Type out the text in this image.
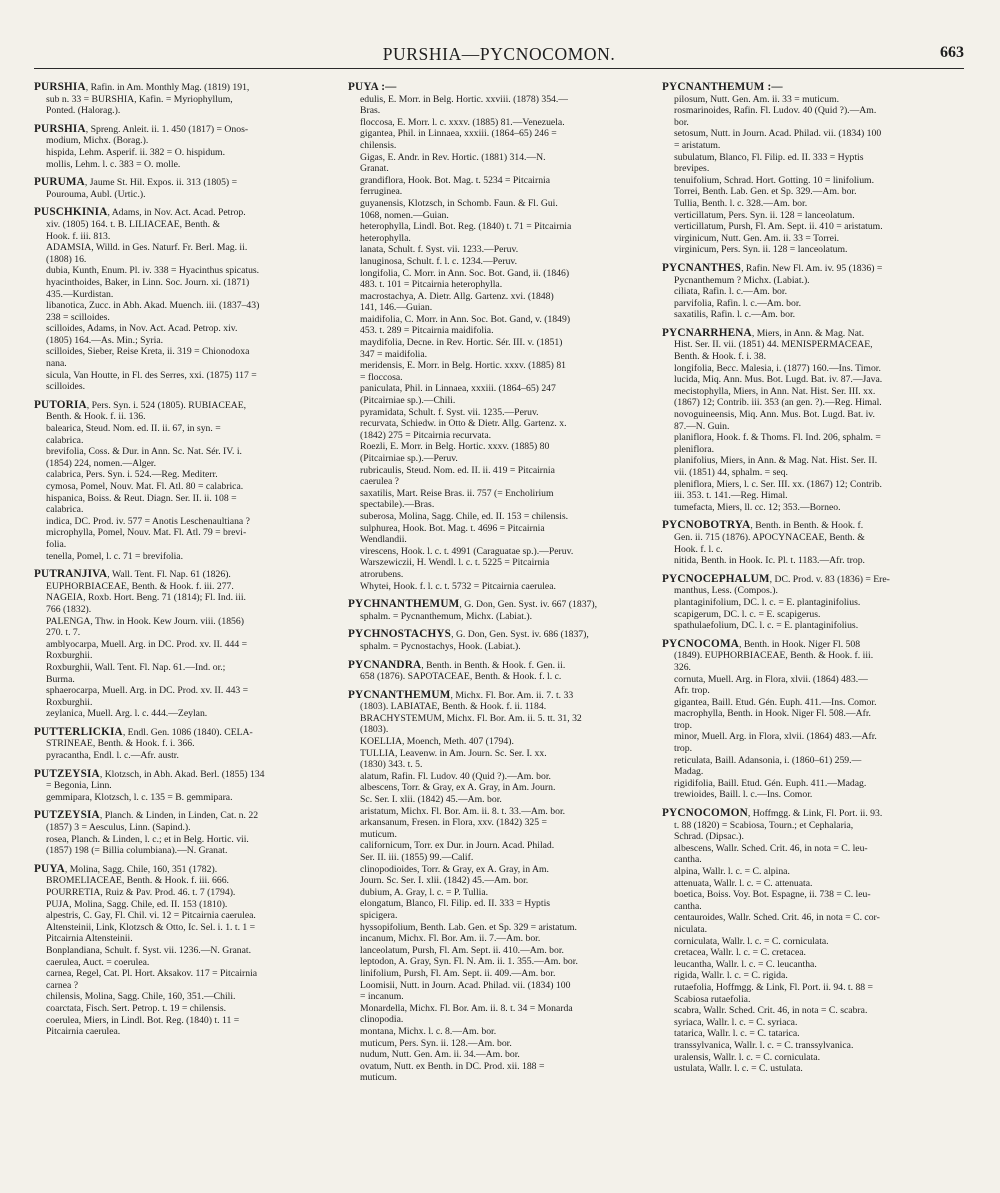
PURSHIA—PYCNOCOMON.	663
PURSHIA, Rafin. in Am. Monthly Mag. (1819) 191,
sub n. 33 = BURSHIA, Kafin. = Myriophyllum,
Ponted. (Halorag.).
PURSHIA, Spreng. Anleit. ii. 1. 450 (1817) = Onos-
modium, Michx. (Borag.).
hispida, Lehm. Asperif. ii. 382 = O. hispidum.
mollis, Lehm. l. c. 383 = O. molle.
PURUMA, Jaume St. Hil. Expos. ii. 313 (1805) =
Pourouma, Aubl. (Urtic.).
PUSCHKINIA, Adams, in Nov. Act. Acad. Petrop.
xiv. (1805) 164. t. B. LILIACEAE, Benth. &
Hook. f. iii. 813.
ADAMSIA, Willd. in Ges. Naturf. Fr. Berl. Mag. ii.
(1808) 16.
dubia, Kunth, Enum. Pl. iv. 338 = Hyacinthus spicatus.
hyacinthoides, Baker, in Linn. Soc. Journ. xi. (1871)
435.—Kurdistan.
libanotica, Zucc. in Abh. Akad. Muench. iii. (1837–43)
238 = scilloides.
scilloides, Adams, in Nov. Act. Acad. Petrop. xiv.
(1805) 164.—As. Min.; Syria.
scilloides, Sieber, Reise Kreta, ii. 319 = Chionodoxa
nana.
sicula, Van Houtte, in Fl. des Serres, xxi. (1875) 117 =
scilloides.
PUTORIA, Pers. Syn. i. 524 (1805). RUBIACEAE,
Benth. & Hook. f. ii. 136.
balearica, Steud. Nom. ed. II. ii. 67, in syn. =
calabrica.
brevifolia, Coss. & Dur. in Ann. Sc. Nat. Sér. IV. i.
(1854) 224, nomen.—Alger.
calabrica, Pers. Syn. i. 524.—Reg. Mediterr.
cymosa, Pomel, Nouv. Mat. Fl. Atl. 80 = calabrica.
hispanica, Boiss. & Reut. Diagn. Ser. II. ii. 108 =
calabrica.
indica, DC. Prod. iv. 577 = Anotis Leschenaultiana ?
microphylla, Pomel, Nouv. Mat. Fl. Atl. 79 = brevi-
folia.
tenella, Pomel, l. c. 71 = brevifolia.
PUTRANJIVA, Wall. Tent. Fl. Nap. 61 (1826).
EUPHORBIACEAE, Benth. & Hook. f. iii. 277.
NAGEIA, Roxb. Hort. Beng. 71 (1814); Fl. Ind. iii.
766 (1832).
PALENGA, Thw. in Hook. Kew Journ. viii. (1856)
270. t. 7.
amblyocarpa, Muell. Arg. in DC. Prod. xv. II. 444 =
Roxburghii.
Roxburghii, Wall. Tent. Fl. Nap. 61.—Ind. or.;
Burma.
sphaerocarpa, Muell. Arg. in DC. Prod. xv. II. 443 =
Roxburghii.
zeylanica, Muell. Arg. l. c. 444.—Zeylan.
PUTTERLICKIA, Endl. Gen. 1086 (1840). CELA-
STRINEAE, Benth. & Hook. f. i. 366.
pyracantha, Endl. l. c.—Afr. austr.
PUTZEYSIA, Klotzsch, in Abh. Akad. Berl. (1855) 134
= Begonia, Linn.
gemmipara, Klotzsch, l. c. 135 = B. gemmipara.
PUTZEYSIA, Planch. & Linden, in Linden, Cat. n. 22
(1857) 3 = Aesculus, Linn. (Sapind.).
rosea, Planch. & Linden, l. c.; et in Belg. Hortic. vii.
(1857) 198 (= Billia columbiana).—N. Granat.
PUYA, Molina, Sagg. Chile, 160, 351 (1782).
BROMELIACEAE, Benth. & Hook. f. iii. 666.
POURRETIA, Ruiz & Pav. Prod. 46. t. 7 (1794).
PUJA, Molina, Sagg. Chile, ed. II. 153 (1810).
alpestris, C. Gay, Fl. Chil. vi. 12 = Pitcairnia caerulea.
Altensteinii, Link, Klotzsch & Otto, Ic. Sel. i. 1. t. 1 =
Pitcairnia Altensteinii.
Bonplandiana, Schult. f. Syst. vii. 1236.—N. Granat.
caerulea, Auct. = coerulea.
carnea, Regel, Cat. Pl. Hort. Aksakov. 117 = Pitcairnia
carnea ?
chilensis, Molina, Sagg. Chile, 160, 351.—Chili.
coarctata, Fisch. Sert. Petrop. t. 19 = chilensis.
coerulea, Miers, in Lindl. Bot. Reg. (1840) t. 11 =
Pitcairnia caerulea.
PUYA :—
edulis, E. Morr. in Belg. Hortic. xxviii. (1878) 354.—
Bras.
floccosa, E. Morr. l. c. xxxv. (1885) 81.—Venezuela.
gigantea, Phil. in Linnaea, xxxiii. (1864–65) 246 =
chilensis.
Gigas, E. Andr. in Rev. Hortic. (1881) 314.—N.
Granat.
grandiflora, Hook. Bot. Mag. t. 5234 = Pitcairnia
ferruginea.
guyanensis, Klotzsch, in Schomb. Faun. & Fl. Gui.
1068, nomen.—Guian.
heterophylla, Lindl. Bot. Reg. (1840) t. 71 = Pitcairnia
heterophylla.
lanata, Schult. f. Syst. vii. 1233.—Peruv.
lanuginosa, Schult. f. l. c. 1234.—Peruv.
longifolia, C. Morr. in Ann. Soc. Bot. Gand, ii. (1846)
483. t. 101 = Pitcairnia heterophylla.
macrostachya, A. Dietr. Allg. Gartenz. xvi. (1848)
141, 146.—Guian.
maidifolia, C. Morr. in Ann. Soc. Bot. Gand, v. (1849)
453. t. 289 = Pitcairnia maidifolia.
maydifolia, Decne. in Rev. Hortic. Sér. III. v. (1851)
347 = maidifolia.
meridensis, E. Morr. in Belg. Hortic. xxxv. (1885) 81
= floccosa.
paniculata, Phil. in Linnaea, xxxiii. (1864–65) 247
(Pitcairniae sp.).—Chili.
pyramidata, Schult. f. Syst. vii. 1235.—Peruv.
recurvata, Schiedw. in Otto & Dietr. Allg. Gartenz. x.
(1842) 275 = Pitcairnia recurvata.
Roezli, E. Morr. in Belg. Hortic. xxxv. (1885) 80
(Pitcairniae sp.).—Peruv.
rubricaulis, Steud. Nom. ed. II. ii. 419 = Pitcairnia
caerulea ?
saxatilis, Mart. Reise Bras. ii. 757 (= Encholirium
spectabile).—Bras.
suberosa, Molina, Sagg. Chile, ed. II. 153 = chilensis.
sulphurea, Hook. Bot. Mag. t. 4696 = Pitcairnia
Wendlandii.
virescens, Hook. l. c. t. 4991 (Caraguatae sp.).—Peruv.
Warszewiczii, H. Wendl. l. c. t. 5225 = Pitcairnia
atrorubens.
Whytei, Hook. f. l. c. t. 5732 = Pitcairnia caerulea.
PYCHNANTHEMUM, G. Don, Gen. Syst. iv. 667 (1837),
sphalm. = Pycnanthemum, Michx. (Labiat.).
PYCHNOSTACHYS, G. Don, Gen. Syst. iv. 686 (1837),
sphalm. = Pycnostachys, Hook. (Labiat.).
PYCNANDRA, Benth. in Benth. & Hook. f. Gen. ii.
658 (1876). SAPOTACEAE, Benth. & Hook. f. l. c.
PYCNANTHEMUM, Michx. Fl. Bor. Am. ii. 7. t. 33
(1803). LABIATAE, Benth. & Hook. f. ii. 1184.
BRACHYSTEMUM, Michx. Fl. Bor. Am. ii. 5. tt. 31, 32
(1803).
KOELLIA, Moench, Meth. 407 (1794).
TULLIA, Leavenw. in Am. Journ. Sc. Ser. I. xx.
(1830) 343. t. 5.
alatum, Rafin. Fl. Ludov. 40 (Quid ?).—Am. bor.
albescens, Torr. & Gray, ex A. Gray, in Am. Journ.
Sc. Ser. I. xlii. (1842) 45.—Am. bor.
aristatum, Michx. Fl. Bor. Am. ii. 8. t. 33.—Am. bor.
arkansanum, Fresen. in Flora, xxv. (1842) 325 =
muticum.
californicum, Torr. ex Dur. in Journ. Acad. Philad.
Ser. II. iii. (1855) 99.—Calif.
clinopodioides, Torr. & Gray, ex A. Gray, in Am.
Journ. Sc. Ser. I. xlii. (1842) 45.—Am. bor.
dubium, A. Gray, l. c. = P. Tullia.
elongatum, Blanco, Fl. Filip. ed. II. 333 = Hyptis
spicigera.
hyssopifolium, Benth. Lab. Gen. et Sp. 329 = aristatum.
incanum, Michx. Fl. Bor. Am. ii. 7.—Am. bor.
lanceolatum, Pursh, Fl. Am. Sept. ii. 410.—Am. bor.
leptodon, A. Gray, Syn. Fl. N. Am. ii. 1. 355.—Am. bor.
linifolium, Pursh, Fl. Am. Sept. ii. 409.—Am. bor.
Loomisii, Nutt. in Journ. Acad. Philad. vii. (1834) 100
= incanum.
Monardella, Michx. Fl. Bor. Am. ii. 8. t. 34 = Monarda
clinopodia.
montana, Michx. l. c. 8.—Am. bor.
muticum, Pers. Syn. ii. 128.—Am. bor.
nudum, Nutt. Gen. Am. ii. 34.—Am. bor.
ovatum, Nutt. ex Benth. in DC. Prod. xii. 188 =
muticum.
PYCNANTHEMUM :—
pilosum, Nutt. Gen. Am. ii. 33 = muticum.
rosmarinoides, Rafin. Fl. Ludov. 40 (Quid ?).—Am.
bor.
setosum, Nutt. in Journ. Acad. Philad. vii. (1834) 100
= aristatum.
subulatum, Blanco, Fl. Filip. ed. II. 333 = Hyptis
brevipes.
tenuifolium, Schrad. Hort. Gotting. 10 = linifolium.
Torrei, Benth. Lab. Gen. et Sp. 329.—Am. bor.
Tullia, Benth. l. c. 328.—Am. bor.
verticillatum, Pers. Syn. ii. 128 = lanceolatum.
verticillatum, Pursh, Fl. Am. Sept. ii. 410 = aristatum.
virginicum, Nutt. Gen. Am. ii. 33 = Torrei.
virginicum, Pers. Syn. ii. 128 = lanceolatum.
PYCNANTHES, Rafin. New Fl. Am. iv. 95 (1836) =
Pycnanthemum ? Michx. (Labiat.).
ciliata, Rafin. l. c.—Am. bor.
parvifolia, Rafin. l. c.—Am. bor.
saxatilis, Rafin. l. c.—Am. bor.
PYCNARRHENA, Miers, in Ann. & Mag. Nat.
Hist. Ser. II. vii. (1851) 44. MENISPERMACEAE,
Benth. & Hook. f. i. 38.
longifolia, Becc. Malesia, i. (1877) 160.—Ins. Timor.
lucida, Miq. Ann. Mus. Bot. Lugd. Bat. iv. 87.—Java.
mecistophylla, Miers, in Ann. Nat. Hist. Ser. III. xx.
(1867) 12; Contrib. iii. 353 (an gen. ?).—Reg. Himal.
novoguineensis, Miq. Ann. Mus. Bot. Lugd. Bat. iv.
87.—N. Guin.
planiflora, Hook. f. & Thoms. Fl. Ind. 206, sphalm. =
pleniflora.
planifolius, Miers, in Ann. & Mag. Nat. Hist. Ser. II.
vii. (1851) 44, sphalm. = seq.
pleniflora, Miers, l. c. Ser. III. xx. (1867) 12; Contrib.
iii. 353. t. 141.—Reg. Himal.
tumefacta, Miers, ll. cc. 12; 353.—Borneo.
PYCNOBOTRYA, Benth. in Benth. & Hook. f.
Gen. ii. 715 (1876). APOCYNACEAE, Benth. &
Hook. f. l. c.
nitida, Benth. in Hook. Ic. Pl. t. 1183.—Afr. trop.
PYCNOCEPHALUM, DC. Prod. v. 83 (1836) = Ere-
manthus, Less. (Compos.).
plantaginifolium, DC. l. c. = E. plantaginifolius.
scapigerum, DC. l. c. = E. scapigerus.
spathulaefolium, DC. l. c. = E. plantaginifolius.
PYCNOCOMA, Benth. in Hook. Niger Fl. 508
(1849). EUPHORBIACEAE, Benth. & Hook. f. iii.
326.
cornuta, Muell. Arg. in Flora, xlvii. (1864) 483.—
Afr. trop.
gigantea, Baill. Etud. Gén. Euph. 411.—Ins. Comor.
macrophylla, Benth. in Hook. Niger Fl. 508.—Afr.
trop.
minor, Muell. Arg. in Flora, xlvii. (1864) 483.—Afr.
trop.
reticulata, Baill. Adansonia, i. (1860–61) 259.—
Madag.
rigidifolia, Baill. Etud. Gén. Euph. 411.—Madag.
trewioides, Baill. l. c.—Ins. Comor.
PYCNOCOMON, Hoffmgg. & Link, Fl. Port. ii. 93.
t. 88 (1820) = Scabiosa, Tourn.; et Cephalaria,
Schrad. (Dipsac.).
albescens, Wallr. Sched. Crit. 46, in nota = C. leu-
cantha.
alpina, Wallr. l. c. = C. alpina.
attenuata, Wallr. l. c. = C. attenuata.
boetica, Boiss. Voy. Bot. Espagne, ii. 738 = C. leu-
cantha.
centauroides, Wallr. Sched. Crit. 46, in nota = C. cor-
niculata.
corniculata, Wallr. l. c. = C. corniculata.
cretacea, Wallr. l. c. = C. cretacea.
leucantha, Wallr. l. c. = C. leucantha.
rigida, Wallr. l. c. = C. rigida.
rutaefolia, Hoffmgg. & Link, Fl. Port. ii. 94. t. 88 =
Scabiosa rutaefolia.
scabra, Wallr. Sched. Crit. 46, in nota = C. scabra.
syriaca, Wallr. l. c. = C. syriaca.
tatarica, Wallr. l. c. = C. tatarica.
transsylvanica, Wallr. l. c. = C. transsylvanica.
uralensis, Wallr. l. c. = C. corniculata.
ustulata, Wallr. l. c. = C. ustulata.
